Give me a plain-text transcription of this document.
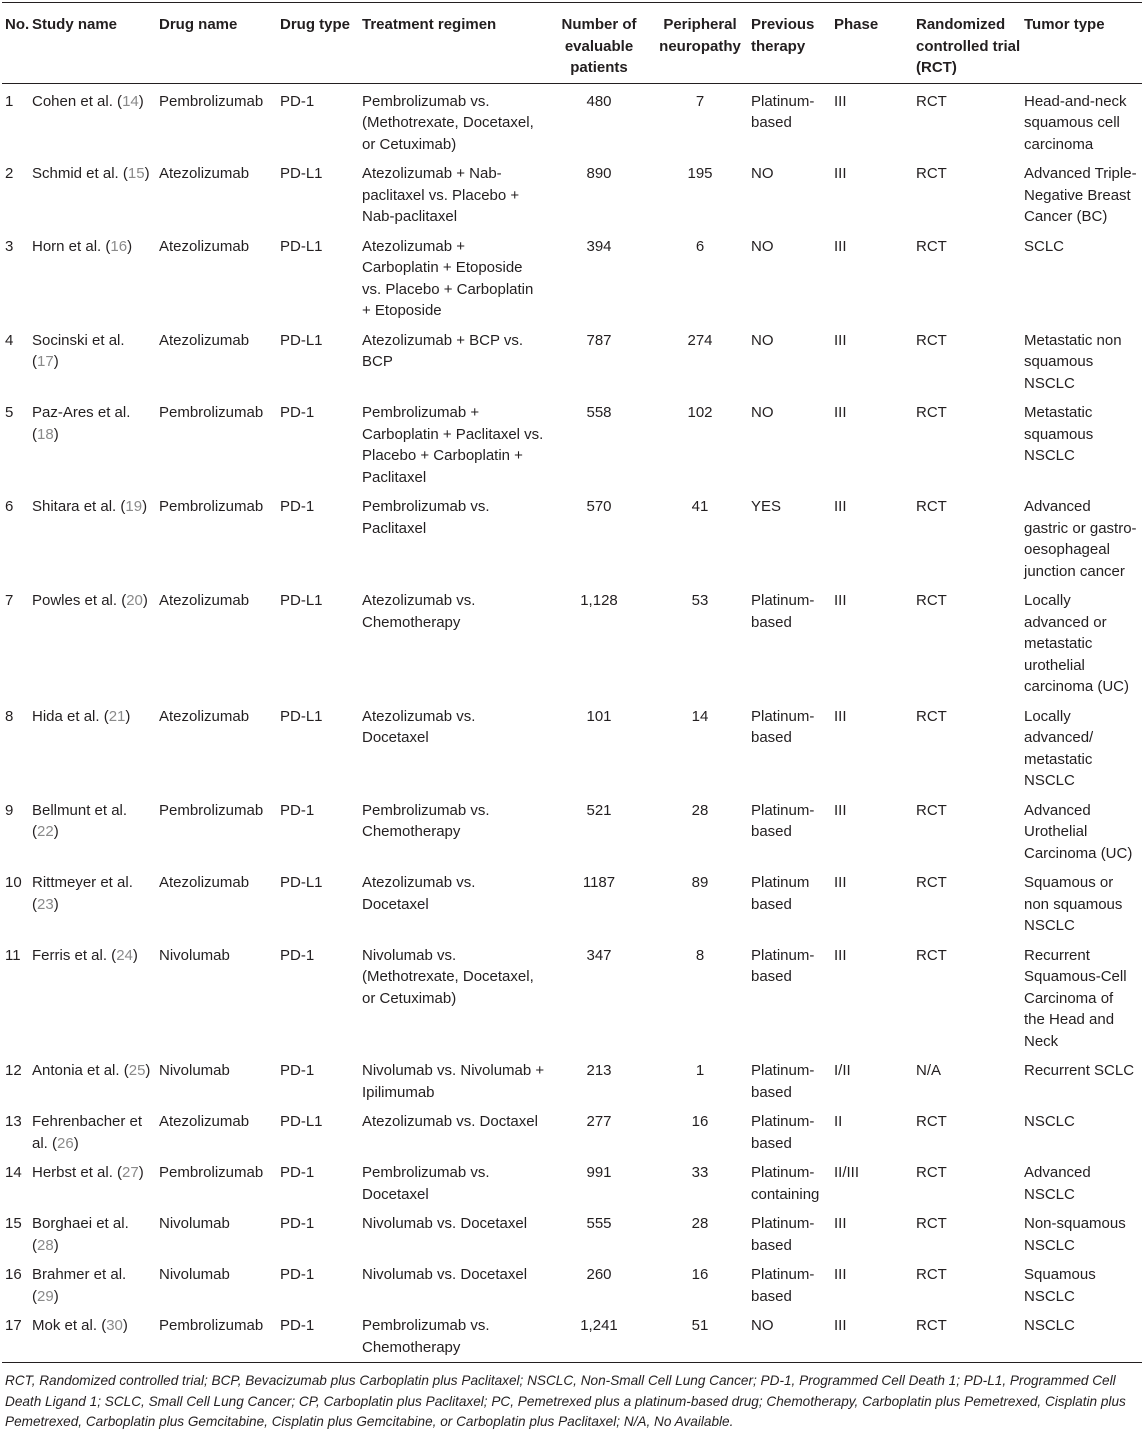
No.	Study name	Drug name	Drug type	Treatment regimen	Number of evaluable patients	Peripheral neuropathy	Previous therapy	Phase	Randomized controlled trial (RCT)	Tumor type

1	Cohen et al. (14)	Pembrolizumab	PD-1	Pembrolizumab vs. (Methotrexate, Docetaxel, or Cetuximab)	480	7	Platinum-based	III	RCT	Head-and-neck squamous cell carcinoma

2	Schmid et al. (15)	Atezolizumab	PD-L1	Atezolizumab + Nab-paclitaxel vs. Placebo + Nab-paclitaxel	890	195	NO	III	RCT	Advanced Triple-Negative Breast Cancer (BC)

3	Horn et al. (16)	Atezolizumab	PD-L1	Atezolizumab + Carboplatin + Etoposide vs. Placebo + Carboplatin + Etoposide	394	6	NO	III	RCT	SCLC

4	Socinski et al. (17)	Atezolizumab	PD-L1	Atezolizumab + BCP vs. BCP	787	274	NO	III	RCT	Metastatic non squamous NSCLC

5	Paz-Ares et al. (18)	Pembrolizumab	PD-1	Pembrolizumab + Carboplatin + Paclitaxel vs. Placebo + Carboplatin + Paclitaxel	558	102	NO	III	RCT	Metastatic squamous NSCLC

6	Shitara et al. (19)	Pembrolizumab	PD-1	Pembrolizumab vs. Paclitaxel	570	41	YES	III	RCT	Advanced gastric or gastro-oesophageal junction cancer

7	Powles et al. (20)	Atezolizumab	PD-L1	Atezolizumab vs. Chemotherapy	1,128	53	Platinum-based	III	RCT	Locally advanced or metastatic urothelial carcinoma (UC)

8	Hida et al. (21)	Atezolizumab	PD-L1	Atezolizumab vs. Docetaxel	101	14	Platinum-based	III	RCT	Locally advanced/ metastatic NSCLC

9	Bellmunt et al. (22)	Pembrolizumab	PD-1	Pembrolizumab vs. Chemotherapy	521	28	Platinum-based	III	RCT	Advanced Urothelial Carcinoma (UC)

10	Rittmeyer et al. (23)	Atezolizumab	PD-L1	Atezolizumab vs. Docetaxel	1187	89	Platinum based	III	RCT	Squamous or non squamous NSCLC

11	Ferris et al. (24)	Nivolumab	PD-1	Nivolumab vs. (Methotrexate, Docetaxel, or Cetuximab)	347	8	Platinum-based	III	RCT	Recurrent Squamous-Cell Carcinoma of the Head and Neck

12	Antonia et al. (25)	Nivolumab	PD-1	Nivolumab vs. Nivolumab + Ipilimumab	213	1	Platinum-based	I/II	N/A	Recurrent SCLC

13	Fehrenbacher et al. (26)	Atezolizumab	PD-L1	Atezolizumab vs. Doctaxel	277	16	Platinum-based	II	RCT	NSCLC

14	Herbst et al. (27)	Pembrolizumab	PD-1	Pembrolizumab vs. Docetaxel	991	33	Platinum-containing	II/III	RCT	Advanced NSCLC

15	Borghaei et al. (28)	Nivolumab	PD-1	Nivolumab vs. Docetaxel	555	28	Platinum-based	III	RCT	Non-squamous NSCLC

16	Brahmer et al. (29)	Nivolumab	PD-1	Nivolumab vs. Docetaxel	260	16	Platinum-based	III	RCT	Squamous NSCLC

17	Mok et al. (30)	Pembrolizumab	PD-1	Pembrolizumab vs. Chemotherapy	1,241	51	NO	III	RCT	NSCLC
RCT, Randomized controlled trial; BCP, Bevacizumab plus Carboplatin plus Paclitaxel; NSCLC, Non-Small Cell Lung Cancer; PD-1, Programmed Cell Death 1; PD-L1, Programmed Cell Death Ligand 1; SCLC, Small Cell Lung Cancer; CP, Carboplatin plus Paclitaxel; PC, Pemetrexed plus a platinum-based drug; Chemotherapy, Carboplatin plus Pemetrexed, Cisplatin plus Pemetrexed, Carboplatin plus Gemcitabine, Cisplatin plus Gemcitabine, or Carboplatin plus Paclitaxel; N/A, No Available.
